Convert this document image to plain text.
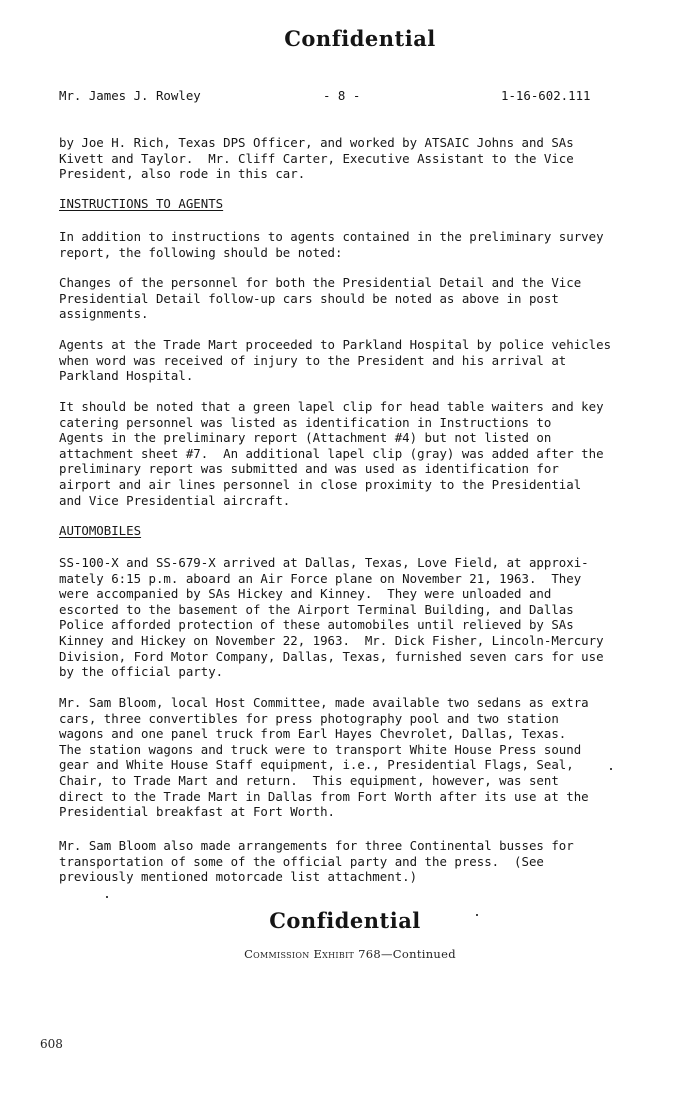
Confidential

Mr. James J. Rowley

	- 8 -

	1-16-602.111

by Joe H. Rich, Texas DPS Officer, and worked by ATSAIC Johns and SAs
Kivett and Taylor.  Mr. Cliff Carter, Executive Assistant to the Vice
President, also rode in this car.
INSTRUCTIONS TO AGENTS
In addition to instructions to agents contained in the preliminary survey
report, the following should be noted:
Changes of the personnel for both the Presidential Detail and the Vice
Presidential Detail follow-up cars should be noted as above in post
assignments.
Agents at the Trade Mart proceeded to Parkland Hospital by police vehicles
when word was received of injury to the President and his arrival at
Parkland Hospital.
It should be noted that a green lapel clip for head table waiters and key
catering personnel was listed as identification in Instructions to
Agents in the preliminary report (Attachment #4) but not listed on
attachment sheet #7.  An additional lapel clip (gray) was added after the
preliminary report was submitted and was used as identification for
airport and air lines personnel in close proximity to the Presidential
and Vice Presidential aircraft.
AUTOMOBILES
SS-100-X and SS-679-X arrived at Dallas, Texas, Love Field, at approxi-
mately 6:15 p.m. aboard an Air Force plane on November 21, 1963.  They
were accompanied by SAs Hickey and Kinney.  They were unloaded and
escorted to the basement of the Airport Terminal Building, and Dallas
Police afforded protection of these automobiles until relieved by SAs
Kinney and Hickey on November 22, 1963.  Mr. Dick Fisher, Lincoln-Mercury
Division, Ford Motor Company, Dallas, Texas, furnished seven cars for use
by the official party.
Mr. Sam Bloom, local Host Committee, made available two sedans as extra
cars, three convertibles for press photography pool and two station
wagons and one panel truck from Earl Hayes Chevrolet, Dallas, Texas.
The station wagons and truck were to transport White House Press sound
gear and White House Staff equipment, i.e., Presidential Flags, Seal,
Chair, to Trade Mart and return.  This equipment, however, was sent
direct to the Trade Mart in Dallas from Fort Worth after its use at the
Presidential breakfast at Fort Worth.
Mr. Sam Bloom also made arrangements for three Continental busses for
transportation of some of the official party and the press.  (See
previously mentioned motorcade list attachment.)
Confidential
Commission Exhibit 768—Continued
608
